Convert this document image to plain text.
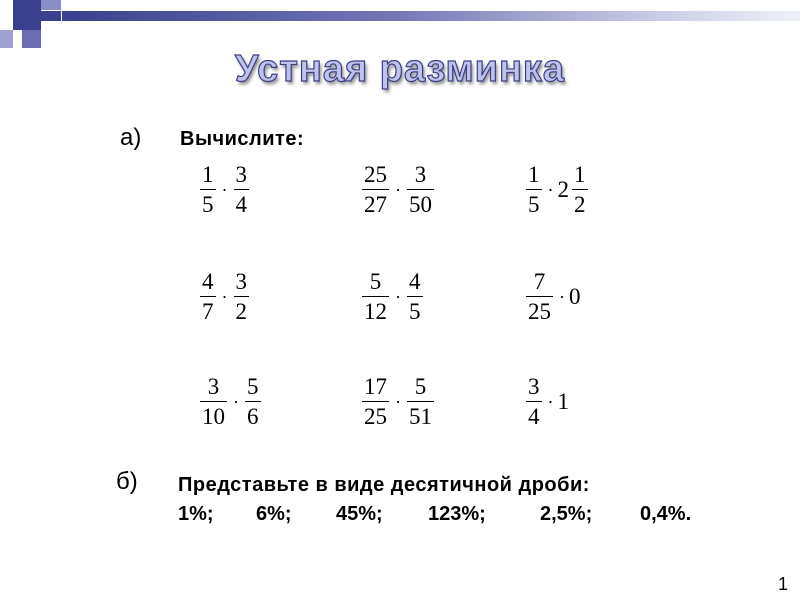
Устная разминка
а) Вычислите:
$\frac{1}{5} \cdot \frac{3}{4}$	$\frac{25}{27} \cdot \frac{3}{50}$	$\frac{1}{5} \cdot 2 \frac{1}{2}$
$\frac{4}{7} \cdot \frac{3}{2}$	$\frac{5}{12} \cdot \frac{4}{5}$	$\frac{7}{25} \cdot 0$
$\frac{3}{10} \cdot \frac{5}{6}$	$\frac{17}{25} \cdot \frac{5}{51}$	$\frac{3}{4} \cdot 1$
б) Представьте в виде десятичной дроби:
1%; 6%; 45%; 123%;	2,5%; 0,4%.
1
